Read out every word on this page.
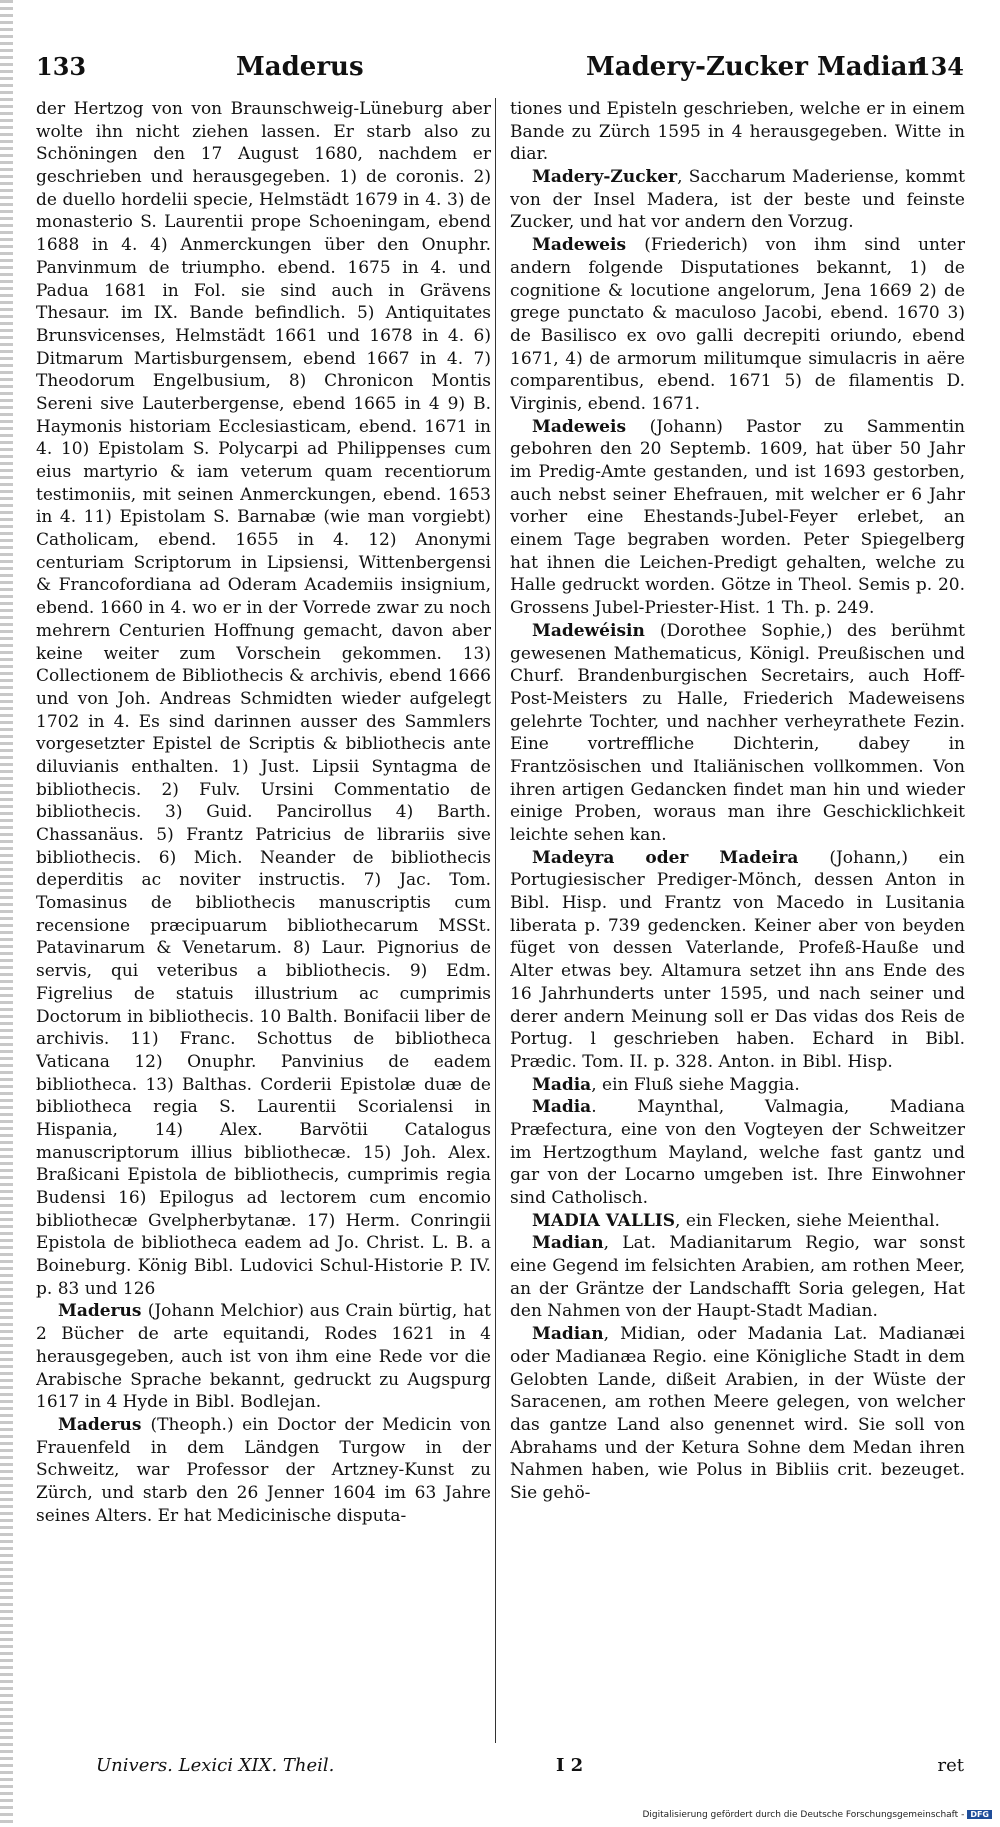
133	Maderus	Madery-Zucker Madian
134

der Hertzog von von Braunschweig-Lüneburg aber wolte ihn nicht ziehen lassen. Er starb also zu Schöningen den 17 August 1680, nachdem er geschrieben und herausgegeben. 1) de coronis. 2) de duello hordelii specie, Helmstädt 1679 in 4. 3) de monasterio S. Laurentii prope Schoeningam, ebend 1688 in 4. 4) Anmerckungen über den Onuphr. Panvinmum de triumpho. ebend. 1675 in 4. und Padua 1681 in Fol. sie sind auch in Grävens Thesaur. im IX. Bande befindlich. 5) Antiquitates Brunsvicenses, Helmstädt 1661 und 1678 in 4. 6) Ditmarum Martisburgensem, ebend 1667 in 4. 7) Theodorum Engelbusium, 8) Chronicon Montis Sereni sive Lauterbergense, ebend 1665 in 4 9) B. Haymonis historiam Ecclesiasticam, ebend. 1671 in 4. 10) Epistolam S. Polycarpi ad Philippenses cum eius martyrio & iam veterum quam recentiorum testimoniis, mit seinen Anmerckungen, ebend. 1653 in 4. 11) Epistolam S. Barnabæ (wie man vorgiebt) Catholicam, ebend. 1655 in 4. 12) Anonymi centuriam Scriptorum in Lipsiensi, Wittenbergensi & Francofordiana ad Oderam Academiis insignium, ebend. 1660 in 4. wo er in der Vorrede zwar zu noch mehrern Centurien Hoffnung gemacht, davon aber keine weiter zum Vorschein gekommen. 13) Collectionem de Bibliothecis & archivis, ebend 1666 und von Joh. Andreas Schmidten wieder aufgelegt 1702 in 4. Es sind darinnen ausser des Sammlers vorgesetzter Epistel de Scriptis & bibliothecis ante diluvianis enthalten. 1) Just. Lipsii Syntagma de bibliothecis. 2) Fulv. Ursini Commentatio de bibliothecis. 3) Guid. Pancirollus 4) Barth. Chassanäus. 5) Frantz Patricius de librariis sive bibliothecis. 6) Mich. Neander de bibliothecis deperditis ac noviter instructis. 7) Jac. Tom. Tomasinus de bibliothecis manuscriptis cum recensione præcipuarum bibliothecarum MSSt. Patavinarum & Venetarum. 8) Laur. Pignorius de servis, qui veteribus a bibliothecis. 9) Edm. Figrelius de statuis illustrium ac cumprimis Doctorum in bibliothecis. 10 Balth. Bonifacii liber de archivis. 11) Franc. Schottus de bibliotheca Vaticana 12) Onuphr. Panvinius de eadem bibliotheca. 13) Balthas. Corderii Epistolæ duæ de bibliotheca regia S. Laurentii Scorialensi in Hispania, 14) Alex. Barvötii Catalogus manuscriptorum illius bibliothecæ. 15) Joh. Alex. Braßicani Epistola de bibliothecis, cumprimis regia Budensi 16) Epilogus ad lectorem cum encomio bibliothecæ Gvelpherbytanæ. 17) Herm. Conringii Epistola de bibliotheca eadem ad Jo. Christ. L. B. a Boineburg. König Bibl. Ludovici Schul-Historie P. IV. p. 83 und 126

Maderus (Johann Melchior) aus Crain bürtig, hat 2 Bücher de arte equitandi, Rodes 1621 in 4 herausgegeben, auch ist von ihm eine Rede vor die Arabische Sprache bekannt, gedruckt zu Augspurg 1617 in 4 Hyde in Bibl. Bodlejan.

Maderus (Theoph.) ein Doctor der Medicin von Frauenfeld in dem Ländgen Turgow in der Schweitz, war Professor der Artzney-Kunst zu Zürch, und starb den 26 Jenner 1604 im 63 Jahre seines Alters. Er hat Medicinische disputa-

tiones und Episteln geschrieben, welche er in einem Bande zu Zürch 1595 in 4 herausgegeben. Witte in diar.

Madery-Zucker, Saccharum Maderiense, kommt von der Insel Madera, ist der beste und feinste Zucker, und hat vor andern den Vorzug.

Madeweis (Friederich) von ihm sind unter andern folgende Disputationes bekannt, 1) de cognitione & locutione angelorum, Jena 1669 2) de grege punctato & maculoso Jacobi, ebend. 1670 3) de Basilisco ex ovo galli decrepiti oriundo, ebend 1671, 4) de armorum militumque simulacris in aëre comparentibus, ebend. 1671 5) de filamentis D. Virginis, ebend. 1671.

Madeweis (Johann) Pastor zu Sammentin gebohren den 20 Septemb. 1609, hat über 50 Jahr im Predig-Amte gestanden, und ist 1693 gestorben, auch nebst seiner Ehefrauen, mit welcher er 6 Jahr vorher eine Ehestands-Jubel-Feyer erlebet, an einem Tage begraben worden. Peter Spiegelberg hat ihnen die Leichen-Predigt gehalten, welche zu Halle gedruckt worden. Götze in Theol. Semis p. 20. Grossens Jubel-Priester-Hist. 1 Th. p. 249.

Madewéisin (Dorothee Sophie,) des berühmt gewesenen Mathematicus, Königl. Preußischen und Churf. Brandenburgischen Secretairs, auch Hoff-Post-Meisters zu Halle, Friederich Madeweisens gelehrte Tochter, und nachher verheyrathete Fezin. Eine vortreffliche Dichterin, dabey in Frantzösischen und Italiänischen vollkommen. Von ihren artigen Gedancken findet man hin und wieder einige Proben, woraus man ihre Geschicklichkeit leichte sehen kan.

Madeyra oder Madeira (Johann,) ein Portugiesischer Prediger-Mönch, dessen Anton in Bibl. Hisp. und Frantz von Macedo in Lusitania liberata p. 739 gedencken. Keiner aber von beyden füget von dessen Vaterlande, Profeß-Hauße und Alter etwas bey. Altamura setzet ihn ans Ende des 16 Jahrhunderts unter 1595, und nach seiner und derer andern Meinung soll er Das vidas dos Reis de Portug. l geschrieben haben. Echard in Bibl. Prædic. Tom. II. p. 328. Anton. in Bibl. Hisp.

Madia, ein Fluß siehe Maggia.

Madia. Maynthal, Valmagia, Madiana Præfectura, eine von den Vogteyen der Schweitzer im Hertzogthum Mayland, welche fast gantz und gar von der Locarno umgeben ist. Ihre Einwohner sind Catholisch.

MADIA VALLIS, ein Flecken, siehe Meienthal.

Madian, Lat. Madianitarum Regio, war sonst eine Gegend im felsichten Arabien, am rothen Meer, an der Gräntze der Landschafft Soria gelegen, Hat den Nahmen von der Haupt-Stadt Madian.

Madian, Midian, oder Madania Lat. Madianæi oder Madianæa Regio. eine Königliche Stadt in dem Gelobten Lande, dißeit Arabien, in der Wüste der Saracenen, am rothen Meere gelegen, von welcher das gantze Land also genennet wird. Sie soll von Abrahams und der Ketura Sohne dem Medan ihren Nahmen haben, wie Polus in Bibliis crit. bezeuget. Sie gehö-

Univers. Lexici XIX. Theil.	I 2	ret
Digitalisierung gefördert durch die Deutsche Forschungsgemeinschaft - DFG
